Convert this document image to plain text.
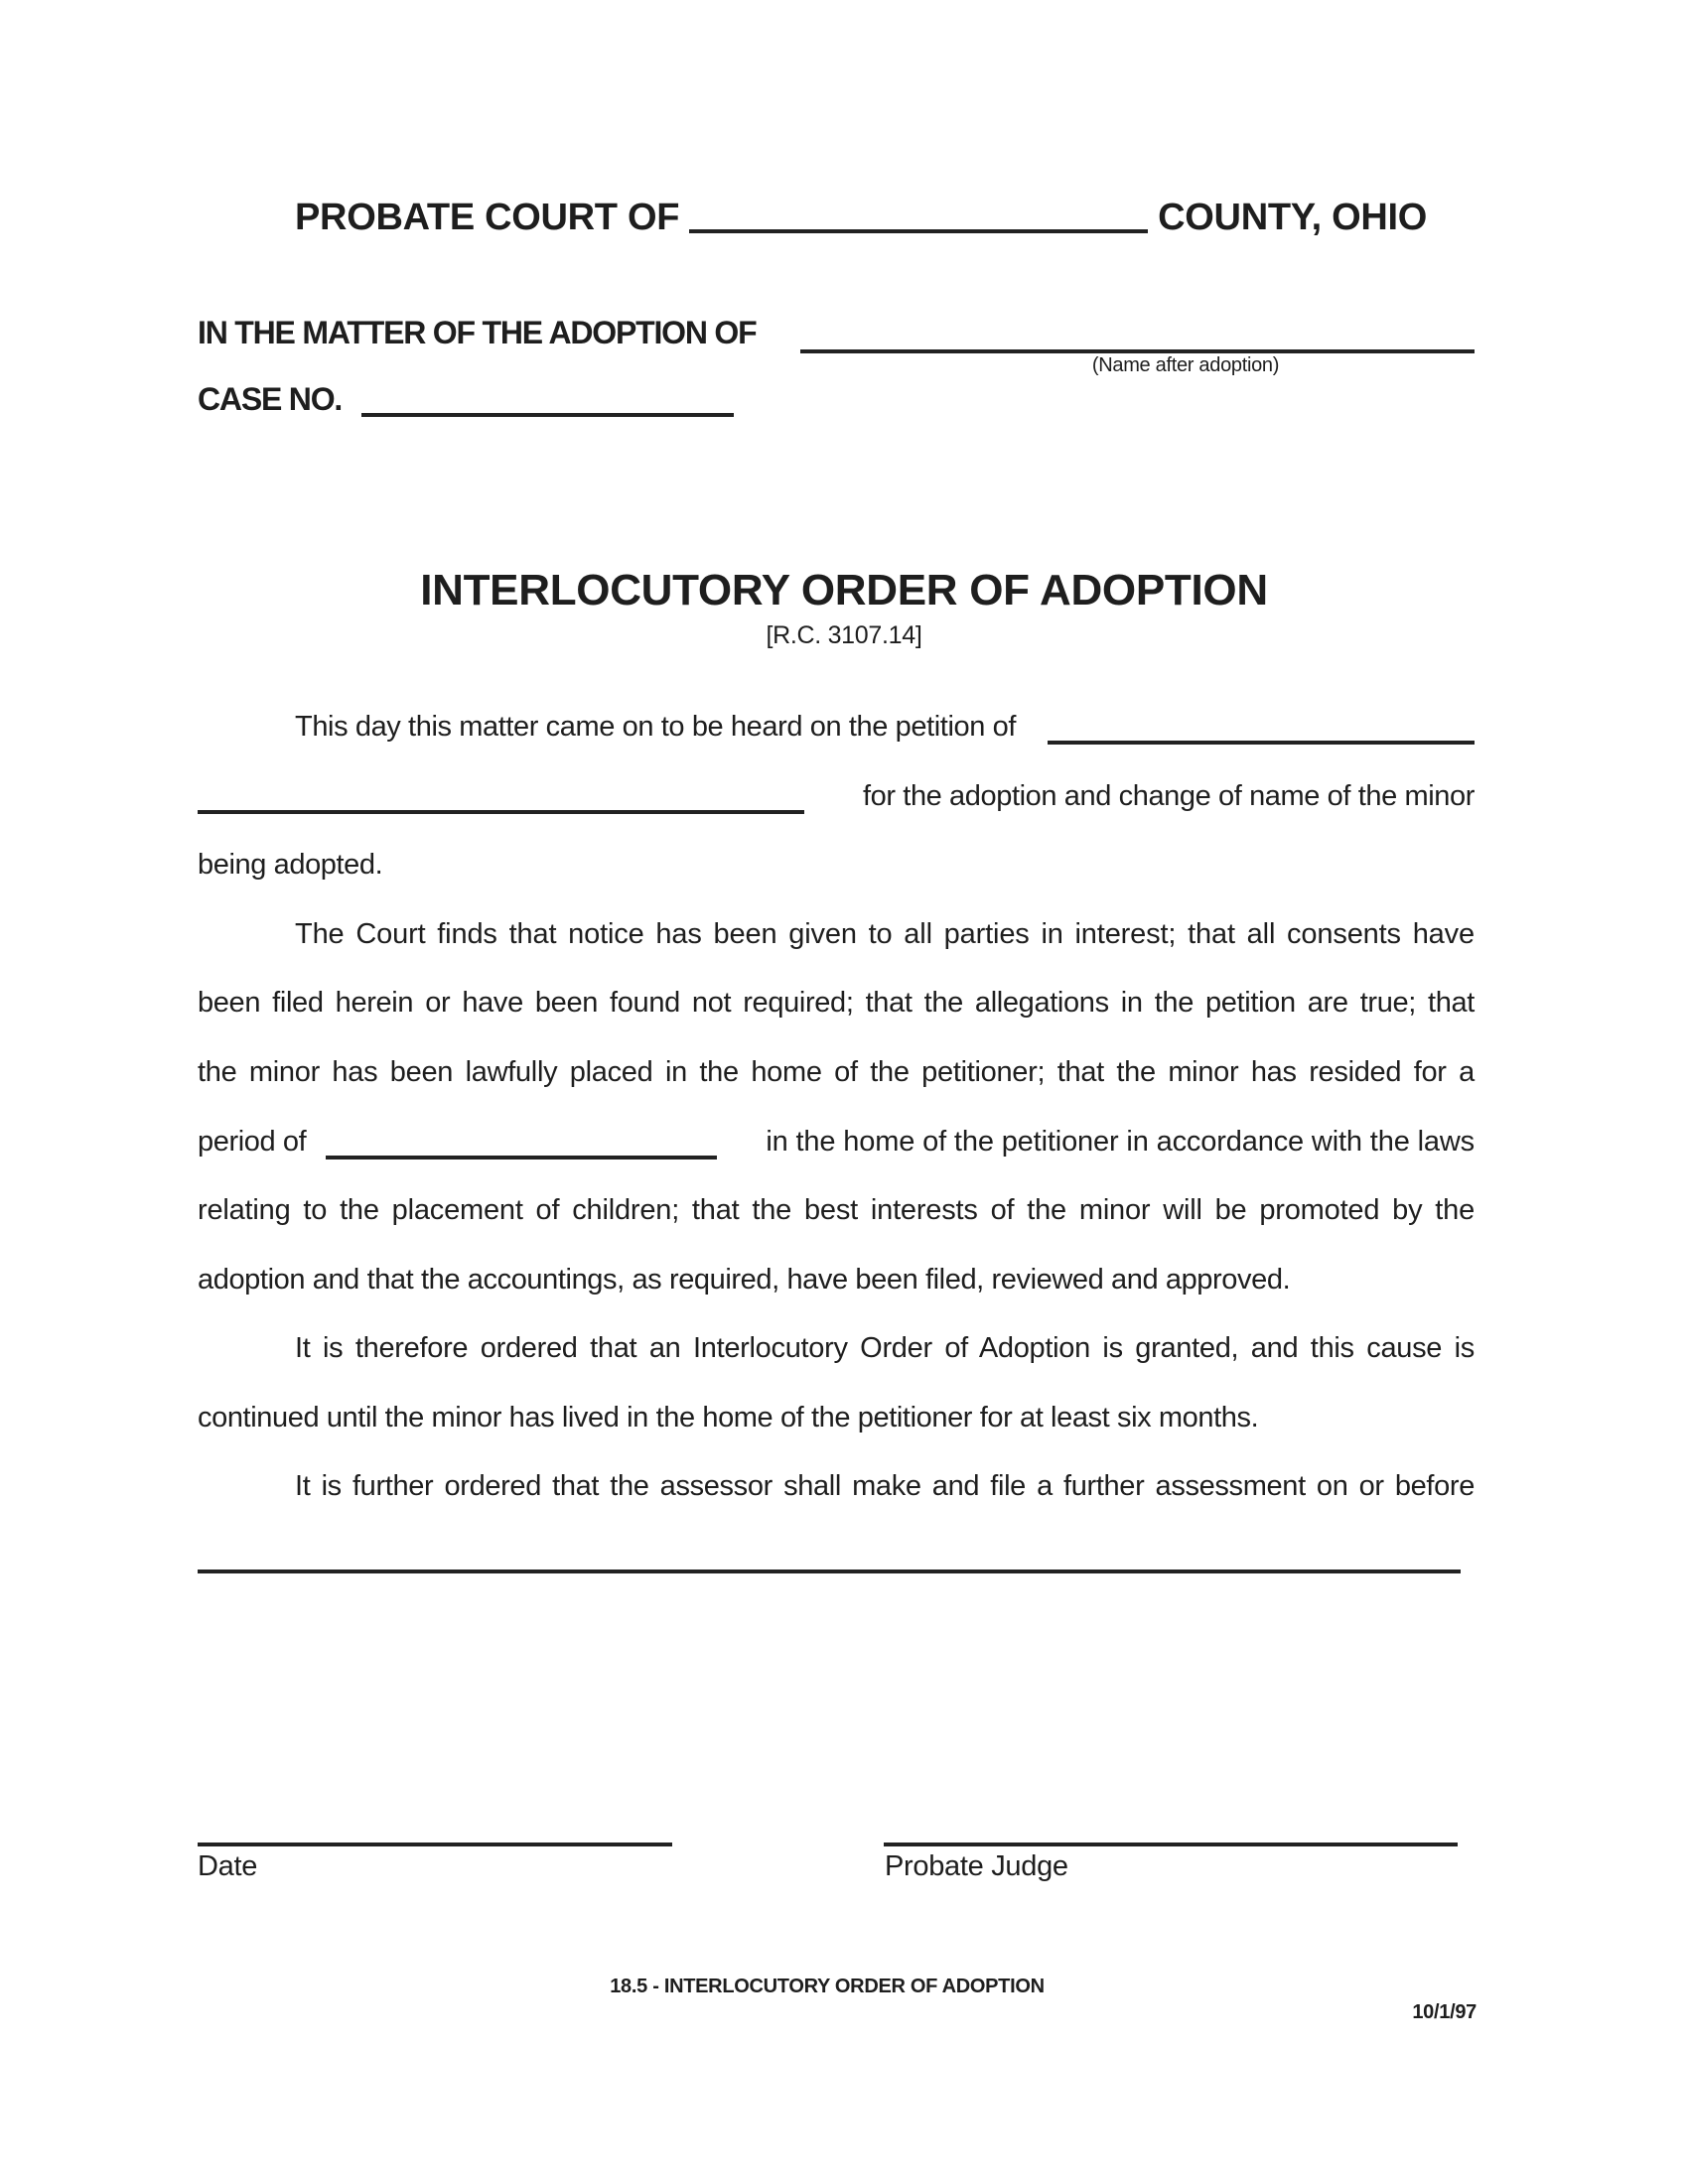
PROBATE COURT OF	COUNTY, OHIO
IN THE MATTER OF THE ADOPTION OF
(Name after adoption)
CASE NO.
INTERLOCUTORY ORDER OF ADOPTION
[R.C. 3107.14]
This day this matter came on to be heard on the petition of
for the adoption and change of name of the minor
being adopted.
The Court finds that notice has been given to all parties in interest; that all consents have
been filed herein or have been found not required; that the allegations in the petition are true; that
the minor has been lawfully placed in the home of the petitioner; that the minor has resided for a
period of	in the home of the petitioner in accordance with the laws
relating to the placement of children; that the best interests of the minor will be promoted by the
adoption and that the accountings, as required, have been filed, reviewed and approved.
It is therefore ordered that an Interlocutory Order of Adoption is granted, and this cause is
continued until the minor has lived in the home of the petitioner for at least six months.
It is further ordered that the assessor shall make and file a further assessment on or before
Date	Probate Judge
18.5 - INTERLOCUTORY ORDER OF ADOPTION
10/1/97
